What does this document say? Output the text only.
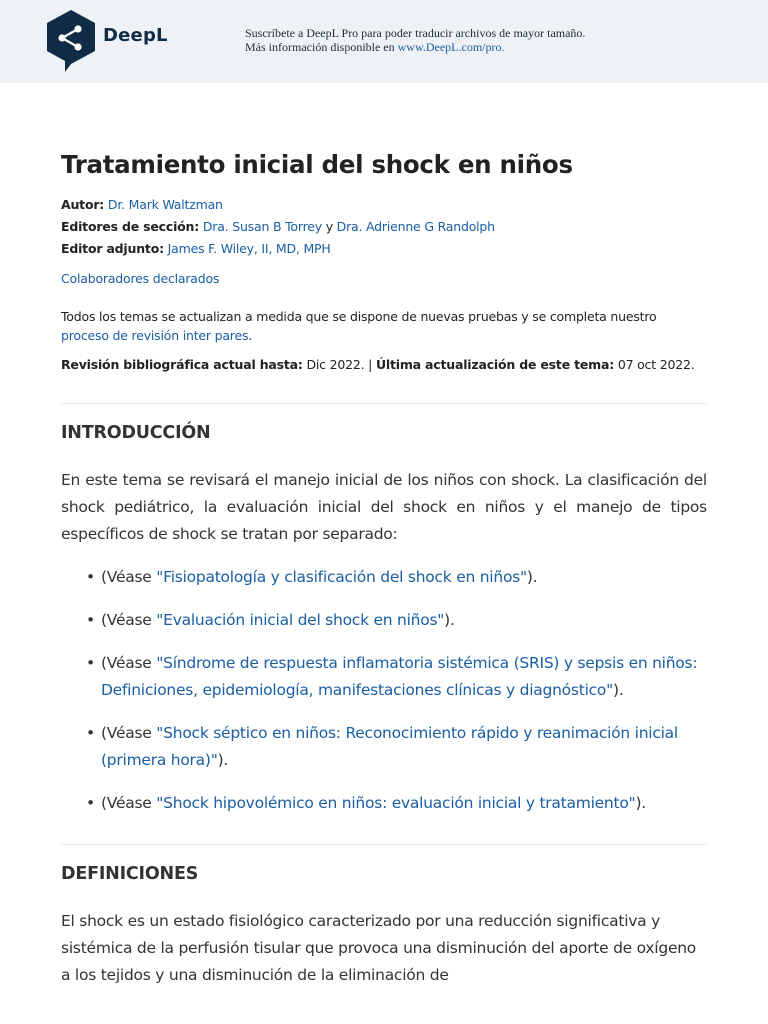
DeepL	Suscríbete a DeepL Pro para poder traducir archivos de mayor tamaño.
Más información disponible en www.DeepL.com/pro.
Tratamiento inicial del shock en niños
Autor: Dr. Mark Waltzman
Editores de sección: Dra. Susan B Torrey y Dra. Adrienne G Randolph
Editor adjunto: James F. Wiley, II, MD, MPH
Colaboradores declarados
Todos los temas se actualizan a medida que se dispone de nuevas pruebas y se completa nuestro
proceso de revisión inter pares.
Revisión bibliográfica actual hasta: Dic 2022. | Última actualización de este tema: 07 oct 2022.
INTRODUCCIÓN

En este tema se revisará el manejo inicial de los niños con shock. La clasificación del shock pediátrico, la evaluación inicial del shock en niños y el manejo de tipos específicos de shock se tratan por separado:

• (Véase "Fisiopatología y clasificación del shock en niños").
• (Véase "Evaluación inicial del shock en niños").
• (Véase "Síndrome de respuesta inflamatoria sistémica (SRIS) y sepsis en niños: Definiciones, epidemiología, manifestaciones clínicas y diagnóstico").
• (Véase "Shock séptico en niños: Reconocimiento rápido y reanimación inicial (primera hora)").
• (Véase "Shock hipovolémico en niños: evaluación inicial y tratamiento").
DEFINICIONES

El shock es un estado fisiológico caracterizado por una reducción significativa y sistémica de la perfusión tisular que provoca una disminución del aporte de oxígeno a los tejidos y una disminución de la eliminación de
